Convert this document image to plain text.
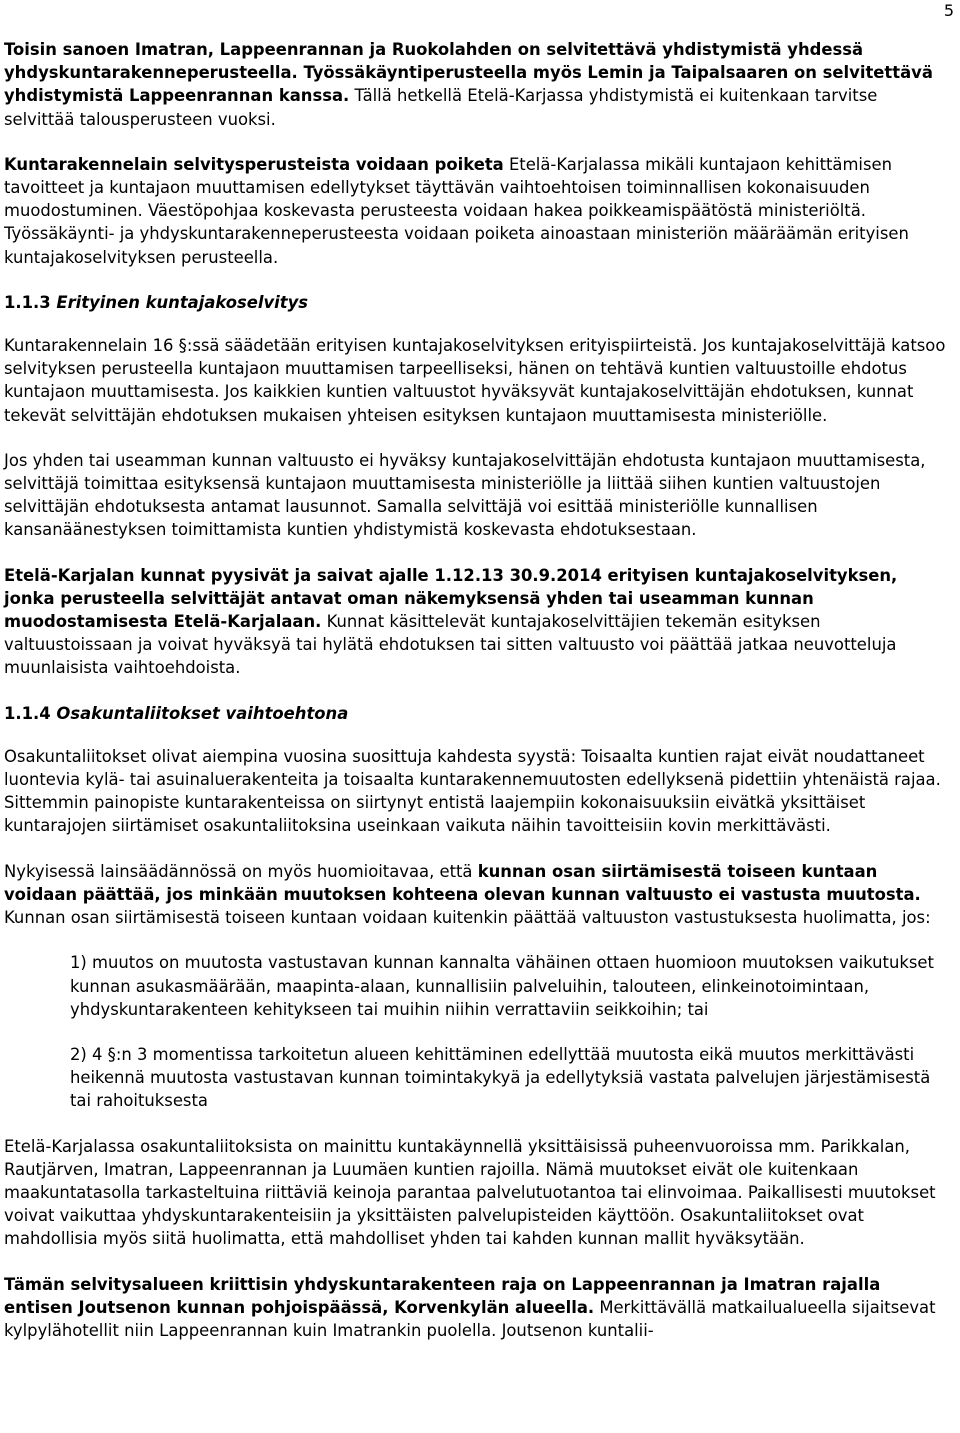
5

Toisin sanoen Imatran, Lappeenrannan ja Ruokolahden on selvitettävä yhdistymistä yhdessä yhdyskuntarakenneperusteella. Työssäkäyntiperusteella myös Lemin ja Taipalsaaren on selvitettävä yhdistymistä Lappeenrannan kanssa. Tällä hetkellä Etelä-Karjassa yhdistymistä ei kuitenkaan tarvitse selvittää talousperusteen vuoksi.

Kuntarakennelain selvitysperusteista voidaan poiketa Etelä-Karjalassa mikäli kuntajaon kehittämisen tavoitteet ja kuntajaon muuttamisen edellytykset täyttävän vaihtoehtoisen toiminnallisen kokonaisuuden muodostuminen. Väestöpohjaa koskevasta perusteesta voidaan hakea poikkeamispäätöstä ministeriöltä. Työssäkäynti- ja yhdyskuntarakenneperusteesta voidaan poiketa ainoastaan ministeriön määräämän erityisen kuntajakoselvityksen perusteella.

1.1.3 Erityinen kuntajakoselvitys

Kuntarakennelain 16 §:ssä säädetään erityisen kuntajakoselvityksen erityispiirteistä. Jos kuntajakoselvittäjä katsoo selvityksen perusteella kuntajaon muuttamisen tarpeelliseksi, hänen on tehtävä kuntien valtuustoille ehdotus kuntajaon muuttamisesta. Jos kaikkien kuntien valtuustot hyväksyvät kuntajakoselvittäjän ehdotuksen, kunnat tekevät selvittäjän ehdotuksen mukaisen yhteisen esityksen kuntajaon muuttamisesta ministeriölle.

Jos yhden tai useamman kunnan valtuusto ei hyväksy kuntajakoselvittäjän ehdotusta kuntajaon muuttamisesta, selvittäjä toimittaa esityksensä kuntajaon muuttamisesta ministeriölle ja liittää siihen kuntien valtuustojen selvittäjän ehdotuksesta antamat lausunnot. Samalla selvittäjä voi esittää ministeriölle kunnallisen kansanäänestyksen toimittamista kuntien yhdistymistä koskevasta ehdotuksestaan.

Etelä-Karjalan kunnat pyysivät ja saivat ajalle 1.12.13 30.9.2014 erityisen kuntajakoselvityksen, jonka perusteella selvittäjät antavat oman näkemyksensä yhden tai useamman kunnan muodostamisesta Etelä-Karjalaan. Kunnat käsittelevät kuntajakoselvittäjien tekemän esityksen valtuustoissaan ja voivat hyväksyä tai hylätä ehdotuksen tai sitten valtuusto voi päättää jatkaa neuvotteluja muunlaisista vaihtoehdoista.

1.1.4 Osakuntaliitokset vaihtoehtona

Osakuntaliitokset olivat aiempina vuosina suosittuja kahdesta syystä: Toisaalta kuntien rajat eivät noudattaneet luontevia kylä- tai asuinaluerakenteita ja toisaalta kuntarakennemuutosten edellyksenä pidettiin yhtenäistä rajaa. Sittemmin painopiste kuntarakenteissa on siirtynyt entistä laajempiin kokonaisuuksiin eivätkä yksittäiset kuntarajojen siirtämiset osakuntaliitoksina useinkaan vaikuta näihin tavoitteisiin kovin merkittävästi.

Nykyisessä lainsäädännössä on myös huomioitavaa, että kunnan osan siirtämisestä toiseen kuntaan voidaan päättää, jos minkään muutoksen kohteena olevan kunnan valtuusto ei vastusta muutosta. Kunnan osan siirtämisestä toiseen kuntaan voidaan kuitenkin päättää valtuuston vastustuksesta huolimatta, jos:

1) muutos on muutosta vastustavan kunnan kannalta vähäinen ottaen huomioon muutoksen vaikutukset kunnan asukasmäärään, maapinta-alaan, kunnallisiin palveluihin, talouteen, elinkeinotoimintaan, yhdyskuntarakenteen kehitykseen tai muihin niihin verrattaviin seikkoihin; tai
2) 4 §:n 3 momentissa tarkoitetun alueen kehittäminen edellyttää muutosta eikä muutos merkittävästi heikennä muutosta vastustavan kunnan toimintakykyä ja edellytyksiä vastata palvelujen järjestämisestä tai rahoituksesta

Etelä-Karjalassa osakuntaliitoksista on mainittu kuntakäynnellä yksittäisissä puheenvuoroissa mm. Parikkalan, Rautjärven, Imatran, Lappeenrannan ja Luumäen kuntien rajoilla. Nämä muutokset eivät ole kuitenkaan maakuntatasolla tarkasteltuina riittäviä keinoja parantaa palvelutuotantoa tai elinvoimaa. Paikallisesti muutokset voivat vaikuttaa yhdyskuntarakenteisiin ja yksittäisten palvelupisteiden käyttöön. Osakuntaliitokset ovat mahdollisia myös siitä huolimatta, että mahdolliset yhden tai kahden kunnan mallit hyväksytään.

Tämän selvitysalueen kriittisin yhdyskuntarakenteen raja on Lappeenrannan ja Imatran rajalla entisen Joutsenon kunnan pohjoispäässä, Korvenkylän alueella. Merkittävällä matkailualueella sijaitsevat kylpylähotellit niin Lappeenrannan kuin Imatrankin puolella. Joutsenon kuntalii-
